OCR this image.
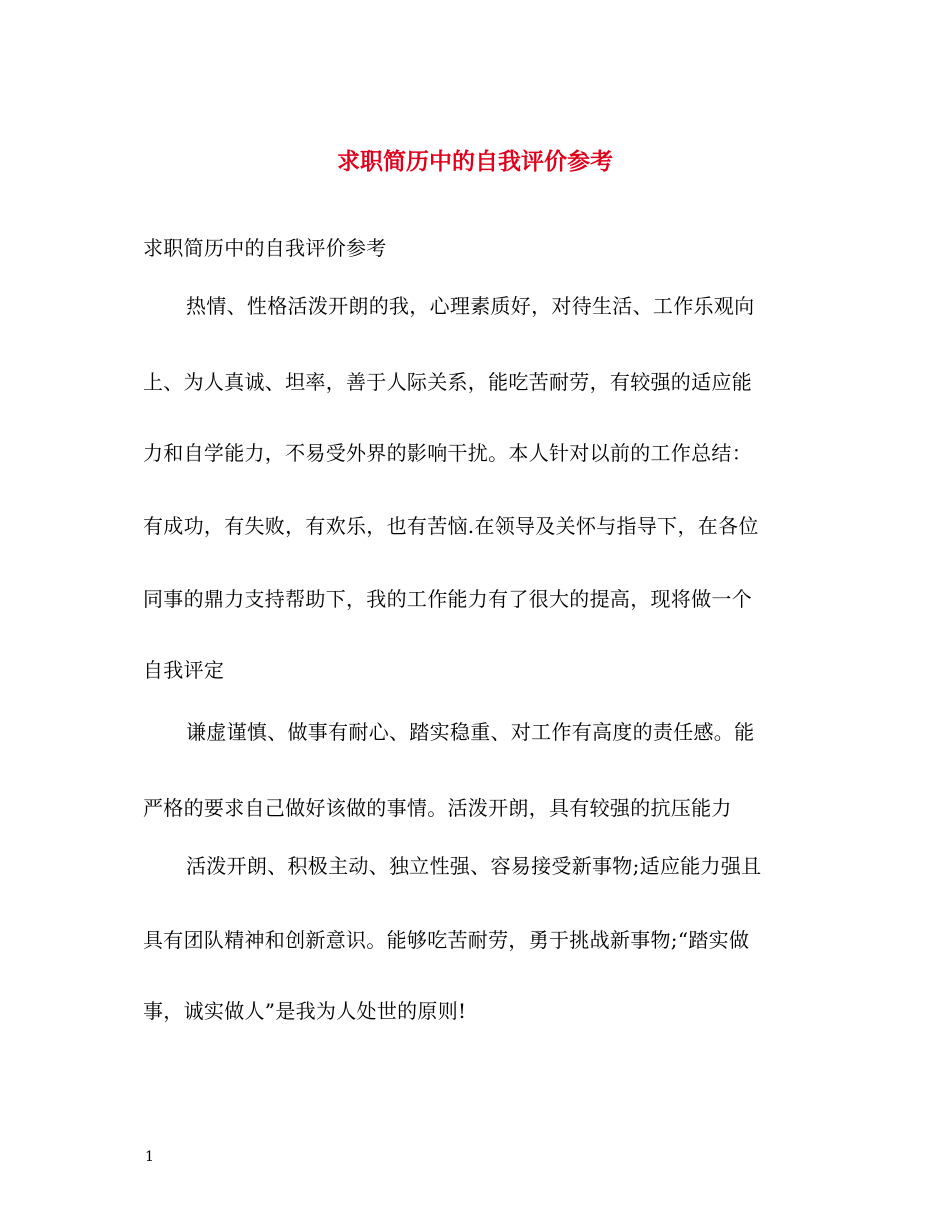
求职简历中的自我评价参考
求职简历中的自我评价参考
热情、性格活泼开朗的我，心理素质好，对待生活、工作乐观向
上、为人真诚、坦率，善于人际关系，能吃苦耐劳，有较强的适应能
力和自学能力，不易受外界的影响干扰。本人针对以前的工作总结：
有成功，有失败，有欢乐，也有苦恼.在领导及关怀与指导下，在各位
同事的鼎力支持帮助下，我的工作能力有了很大的提高，现将做一个
自我评定
谦虚谨慎、做事有耐心、踏实稳重、对工作有高度的责任感。能
严格的要求自己做好该做的事情。活泼开朗，具有较强的抗压能力
活泼开朗、积极主动、独立性强、容易接受新事物;适应能力强且
具有团队精神和创新意识。能够吃苦耐劳，勇于挑战新事物;“踏实做
事，诚实做人”是我为人处世的原则!
1
